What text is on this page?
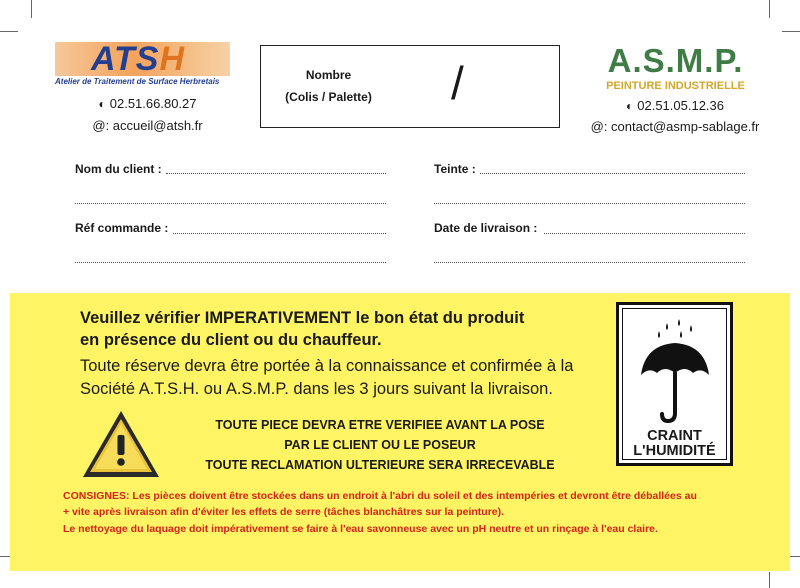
ATSH
Atelier de Traitement de Surface Herbretais
◐ 02.51.66.80.27
@: accueil@atsh.fr
Nombre
(Colis / Palette) /	A.S.M.P.
PEINTURE INDUSTRIELLE
◐ 02.51.05.12.36
@: contact@asmp-sablage.fr
Nom du client :	Teinte :
Réf commande :	Date de livraison :
Veuillez vérifier IMPERATIVEMENT le bon état du produit
en présence du client ou du chauffeur.
Toute réserve devra être portée à la connaissance et confirmée à la
Société A.T.S.H. ou A.S.M.P. dans les 3 jours suivant la livraison.
TOUTE PIECE DEVRA ETRE VERIFIEE AVANT LA POSE
PAR LE CLIENT OU LE POSEUR
TOUTE RECLAMATION ULTERIEURE SERA IRRECEVABLE
CRAINT
L'HUMIDITÉ
CONSIGNES: Les pièces doivent être stockées dans un endroit à l'abri du soleil et des intempéries et devront être déballées au
+ vite après livraison afin d'éviter les effets de serre (tâches blanchâtres sur la peinture).
Le nettoyage du laquage doit impérativement se faire à l'eau savonneuse avec un pH neutre et un rinçage à l'eau claire.
